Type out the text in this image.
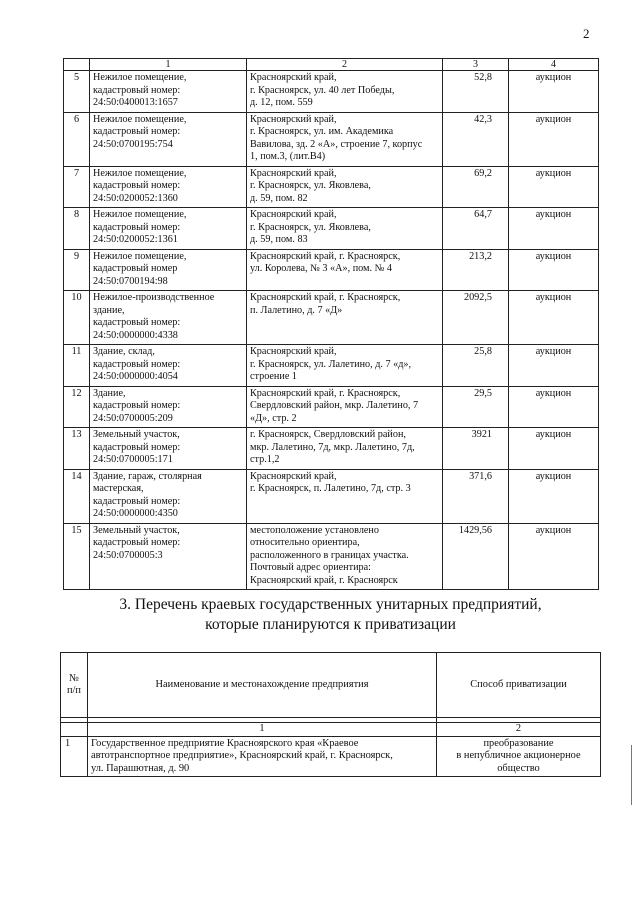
2
	1	2	3	4
5	Нежилое помещение,
кадастровый номер:
24:50:0400013:1657	Красноярский край,
г. Красноярск, ул. 40 лет Победы,
д. 12, пом. 559	52,8	аукцион
6	Нежилое помещение,
кадастровый номер:
24:50:0700195:754	Красноярский край,
г. Красноярск, ул. им. Академика
Вавилова, зд. 2 «А», строение 7, корпус
1, пом.3, (лит.В4)	42,3	аукцион
7	Нежилое помещение,
кадастровый номер:
24:50:0200052:1360	Красноярский край,
г. Красноярск, ул. Яковлева,
д. 59, пом. 82	69,2	аукцион
8	Нежилое помещение,
кадастровый номер:
24:50:0200052:1361	Красноярский край,
г. Красноярск, ул. Яковлева,
д. 59, пом. 83	64,7	аукцион
9	Нежилое помещение,
кадастровый номер
24:50:0700194:98	Красноярский край, г. Красноярск,
ул. Королева, № 3 «А», пом. № 4	213,2	аукцион
10	Нежилое-производственное
здание,
кадастровый номер:
24:50:0000000:4338	Красноярский край, г. Красноярск,
п. Лалетино, д. 7 «Д»	2092,5	аукцион
11	Здание, склад,
кадастровый номер:
24:50:0000000:4054	Красноярский край,
г. Красноярск, ул. Лалетино, д. 7 «д»,
строение 1	25,8	аукцион
12	Здание,
кадастровый номер:
24:50:0700005:209	Красноярский край, г. Красноярск,
Свердловский район, мкр. Лалетино, 7
«Д», стр. 2	29,5	аукцион
13	Земельный участок,
кадастровый номер:
24:50:0700005:171	г. Красноярск, Свердловский район,
мкр. Лалетино, 7д, мкр. Лалетино, 7д,
стр.1,2	3921	аукцион
14	Здание, гараж, столярная
мастерская,
кадастровый номер:
24:50:0000000:4350	Красноярский край,
г. Красноярск, п. Лалетино, 7д, стр. 3	371,6	аукцион
15	Земельный участок,
кадастровый номер:
24:50:0700005:3	местоположение установлено
относительно ориентира,
расположенного в границах участка.
Почтовый адрес ориентира:
Красноярский край, г. Красноярск	1429,56	аукцион
3. Перечень краевых государственных унитарных предприятий,
которые планируются к приватизации
№
п/п	Наименование и местонахождение предприятия	Способ приватизации

	1	2
1	Государственное предприятие Красноярского края «Краевое
автотранспортное предприятие», Красноярский край, г. Красноярск,
ул. Парашютная, д. 90	преобразование
в непубличное акционерное
общество
